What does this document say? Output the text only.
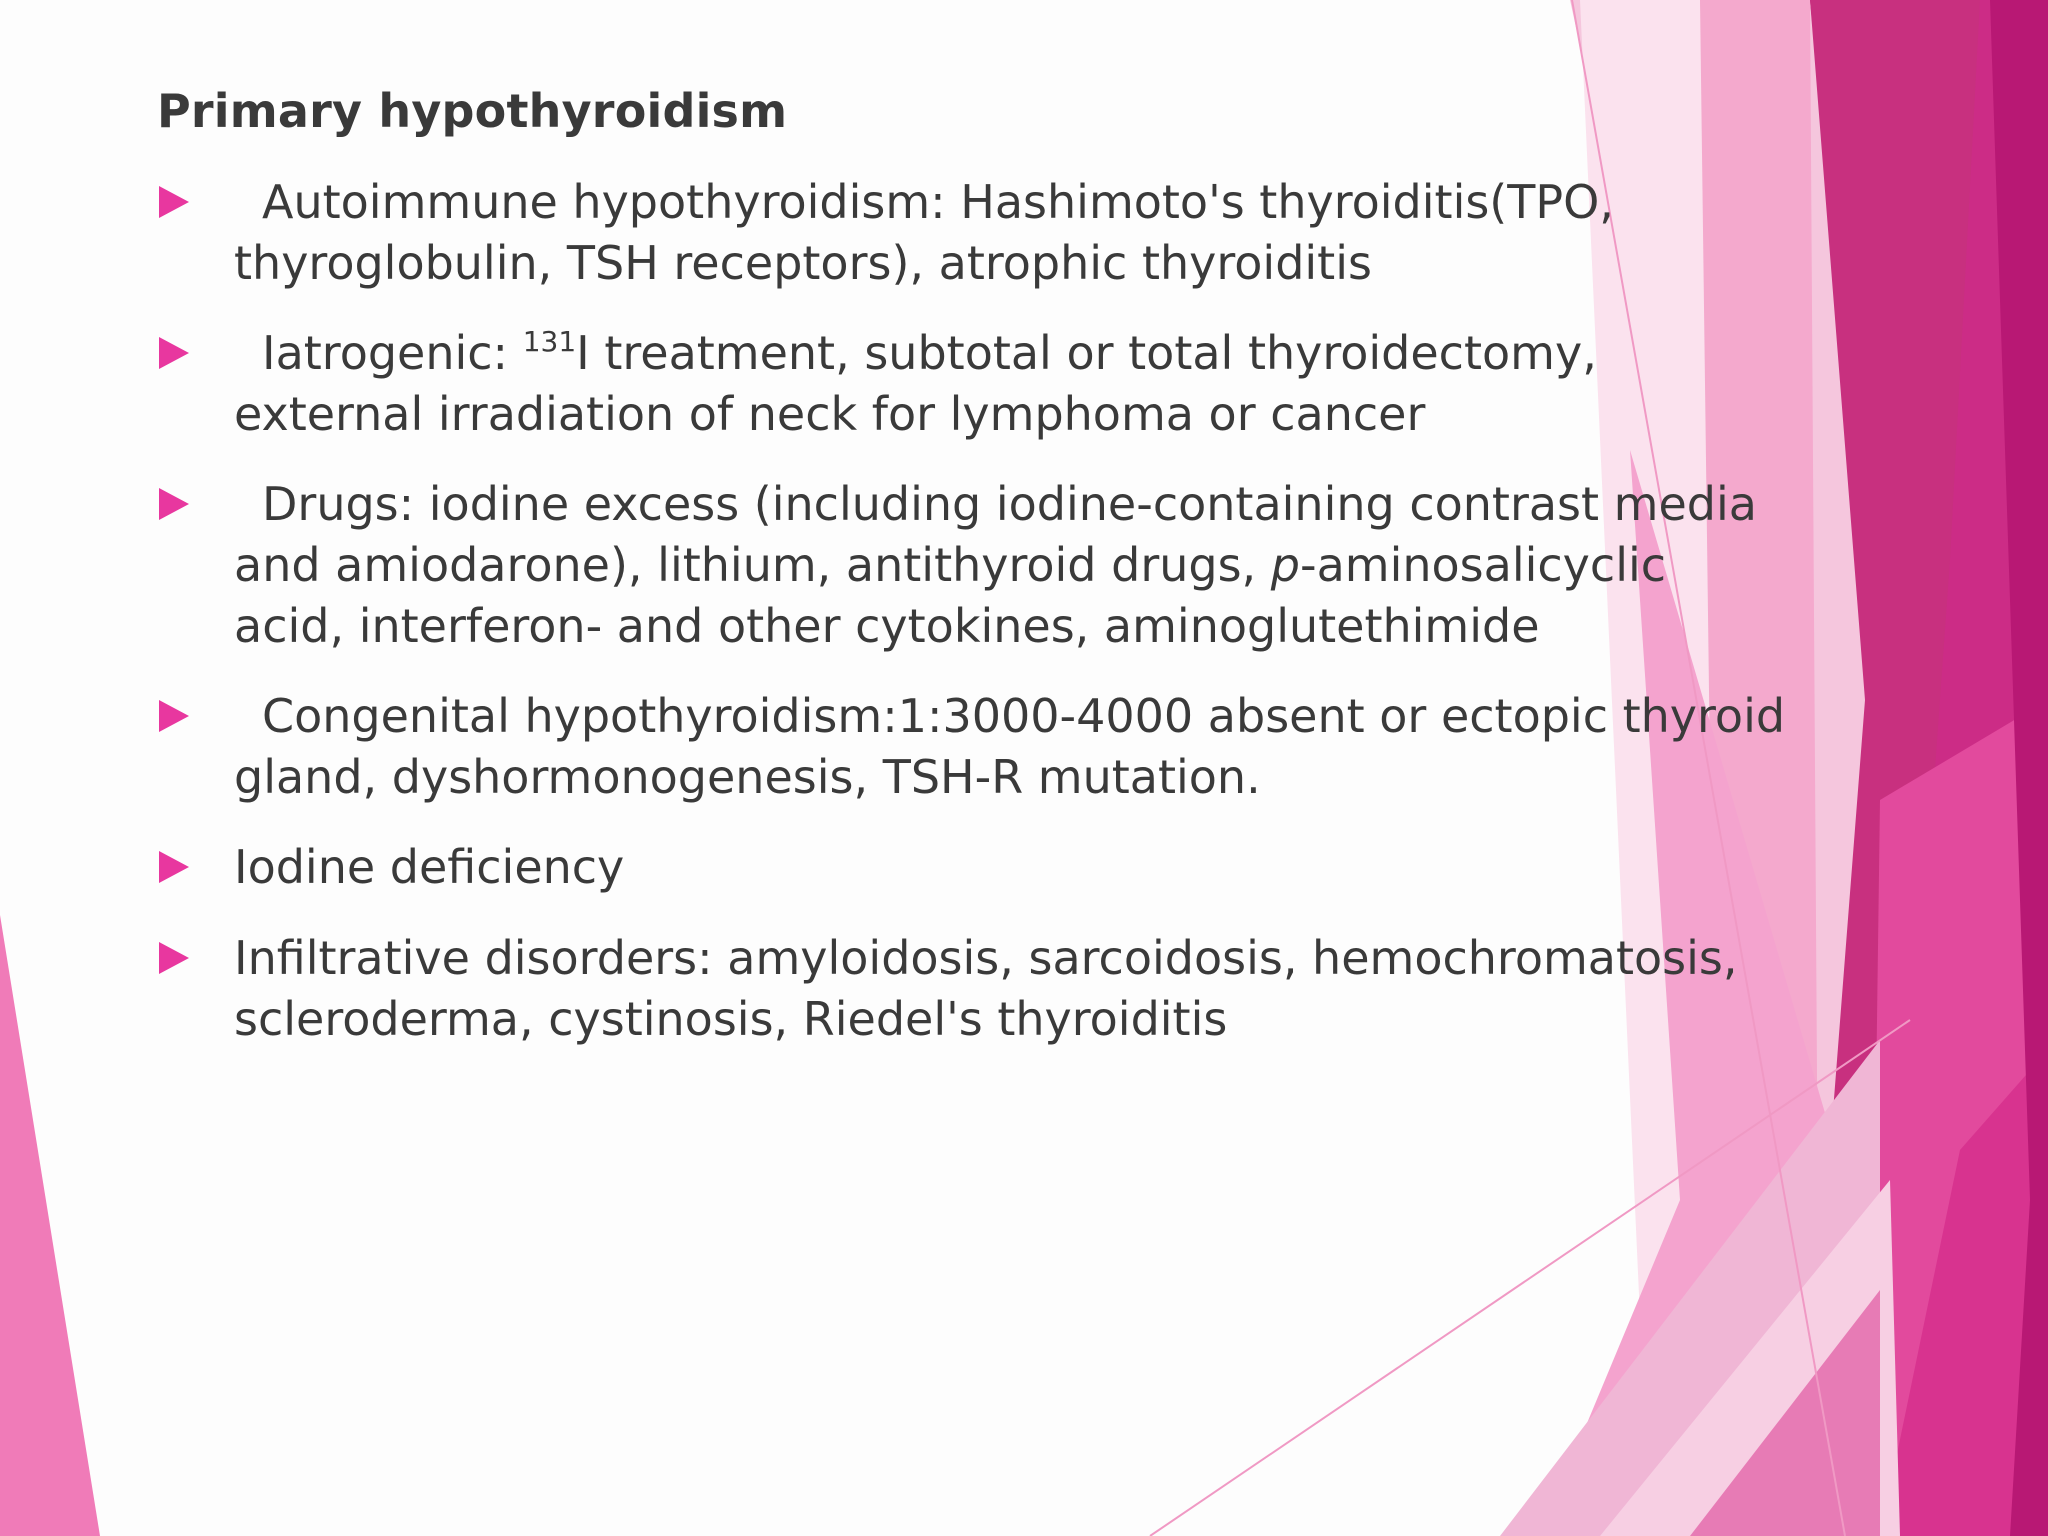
Primary hypothyroidism
Autoimmune hypothyroidism: Hashimoto's thyroiditis(TPO,
thyroglobulin, TSH receptors), atrophic thyroiditis
Iatrogenic: $^{131}$I treatment, subtotal or total thyroidectomy,
external irradiation of neck for lymphoma or cancer
Drugs: iodine excess (including iodine-containing contrast media
and amiodarone), lithium, antithyroid drugs, p-aminosalicyclic
acid, interferon- and other cytokines, aminoglutethimide
Congenital hypothyroidism:1:3000-4000 absent or ectopic thyroid
gland, dyshormonogenesis, TSH-R mutation.
Iodine deficiency
Infiltrative disorders: amyloidosis, sarcoidosis, hemochromatosis,
scleroderma, cystinosis, Riedel's thyroiditis
